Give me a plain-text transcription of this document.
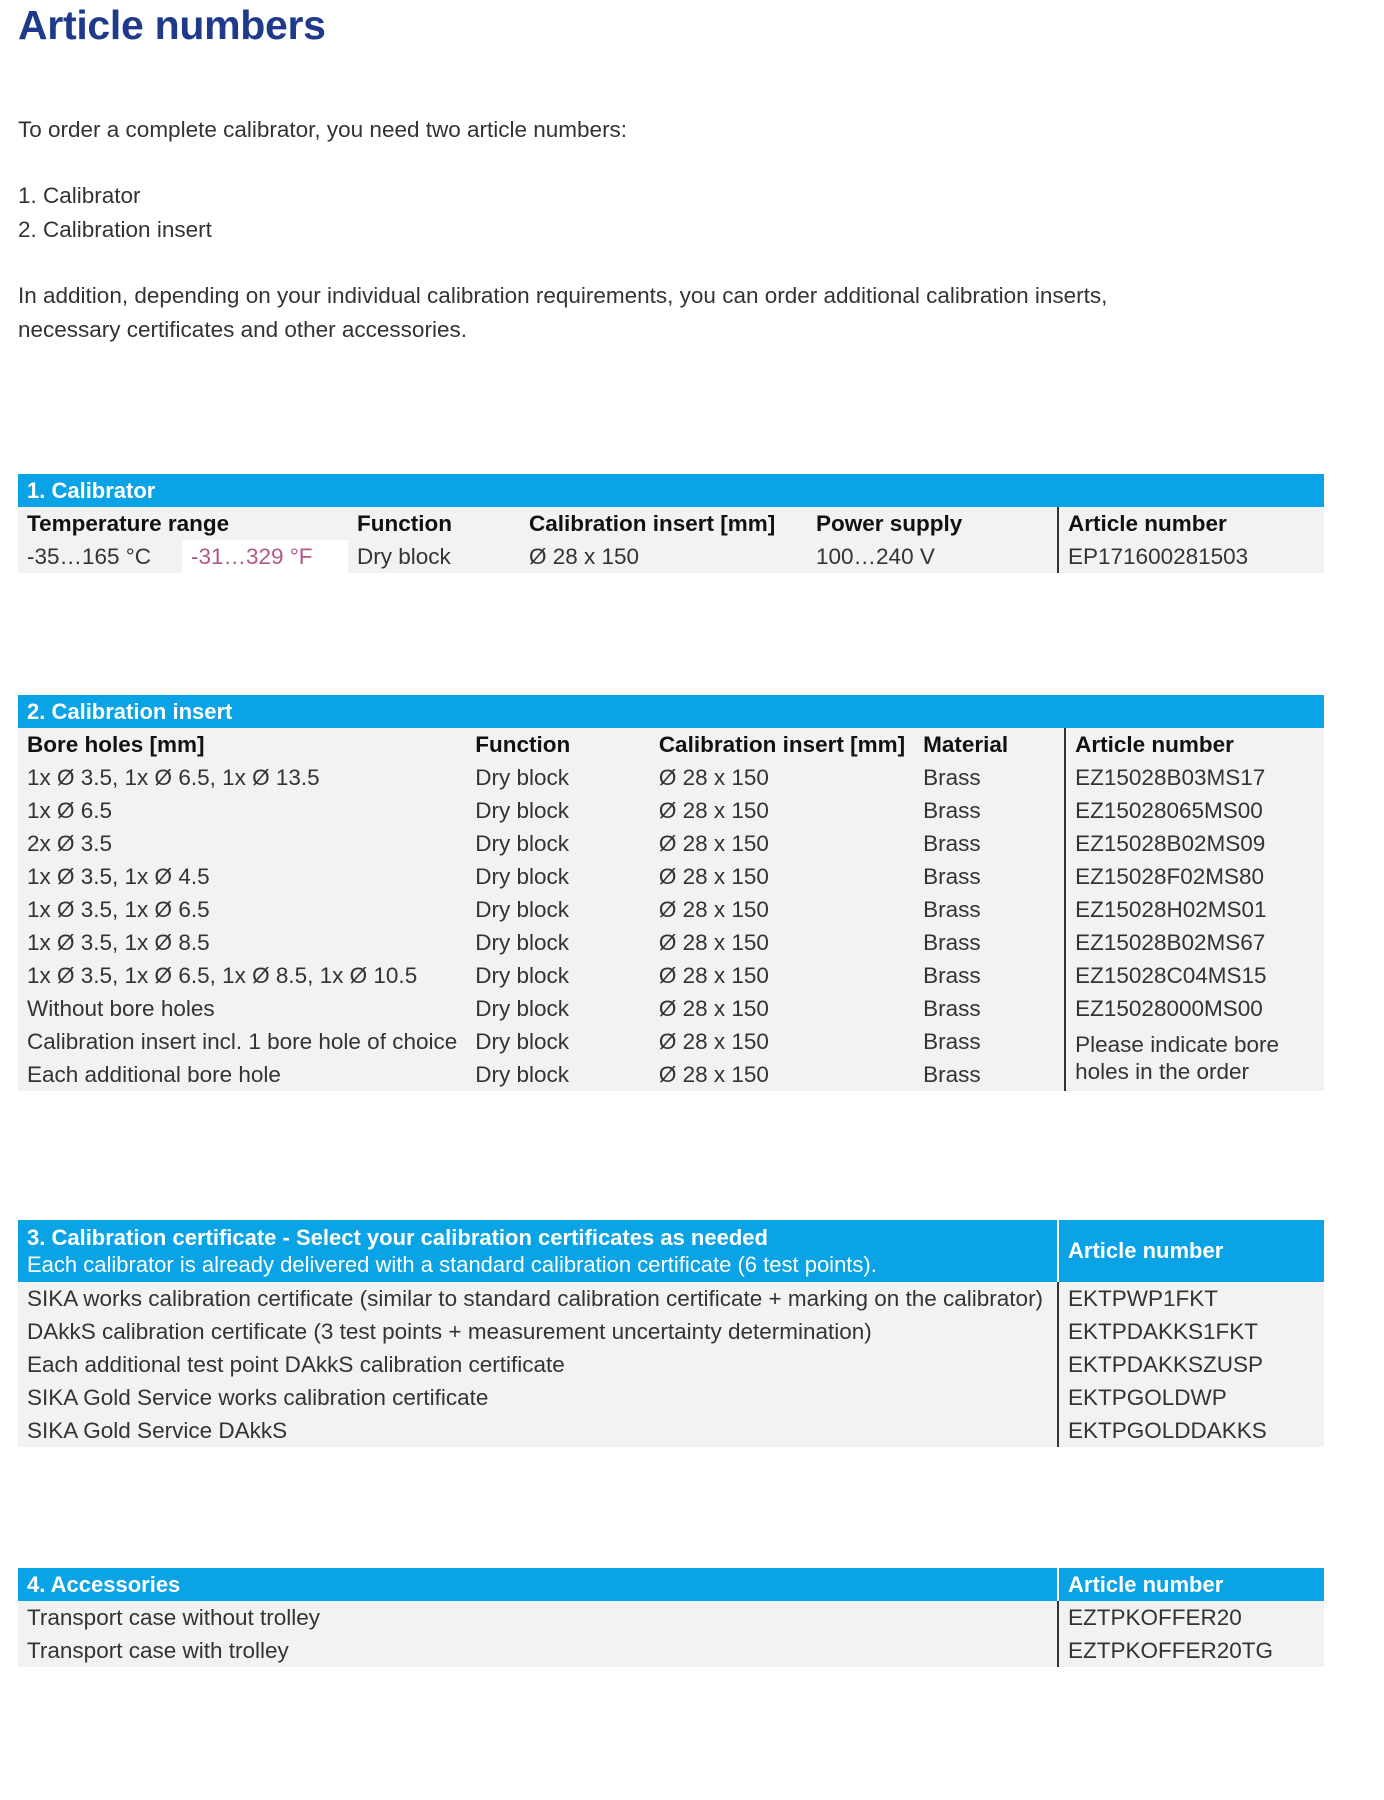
Article numbers

To order a complete calibrator, you need two article numbers:

1. Calibrator

2. Calibration insert

In addition, depending on your individual calibration requirements, you can order additional calibration inserts,

necessary certificates and other accessories.

1. Calibrator					
Temperature range		Function	Calibration insert [mm]	Power supply	Article number
-35…165 °C	-31…329 °F	Dry block	Ø 28 x 150	100…240 V	EP171600281503
2. Calibration insert				
Bore holes [mm]	Function	Calibration insert [mm]	Material	Article number
1x Ø 3.5, 1x Ø 6.5, 1x Ø 13.5	Dry block	Ø 28 x 150	Brass	EZ15028B03MS17
1x Ø 6.5	Dry block	Ø 28 x 150	Brass	EZ15028065MS00
2x Ø 3.5	Dry block	Ø 28 x 150	Brass	EZ15028B02MS09
1x Ø 3.5, 1x Ø 4.5	Dry block	Ø 28 x 150	Brass	EZ15028F02MS80
1x Ø 3.5, 1x Ø 6.5	Dry block	Ø 28 x 150	Brass	EZ15028H02MS01
1x Ø 3.5, 1x Ø 8.5	Dry block	Ø 28 x 150	Brass	EZ15028B02MS67
1x Ø 3.5, 1x Ø 6.5, 1x Ø 8.5, 1x Ø 10.5	Dry block	Ø 28 x 150	Brass	EZ15028C04MS15
Without bore holes	Dry block	Ø 28 x 150	Brass	EZ15028000MS00
Calibration insert incl. 1 bore hole of choice	Dry block	Ø 28 x 150	Brass	Please indicate bore holes in the order
Each additional bore hole	Dry block	Ø 28 x 150	Brass	
3. Calibration certificate - Select your calibration certificates as needed
Each calibrator is already delivered with a standard calibration certificate (6 test points).	Article number
SIKA works calibration certificate (similar to standard calibration certificate + marking on the calibrator)	EKTPWP1FKT
DAkkS calibration certificate (3 test points + measurement uncertainty determination)	EKTPDAKKS1FKT
Each additional test point DAkkS calibration certificate	EKTPDAKKSZUSP
SIKA Gold Service works calibration certificate	EKTPGOLDWP
SIKA Gold Service DAkkS	EKTPGOLDDAKKS
4. Accessories	Article number
Transport case without trolley	EZTPKOFFER20
Transport case with trolley	EZTPKOFFER20TG
